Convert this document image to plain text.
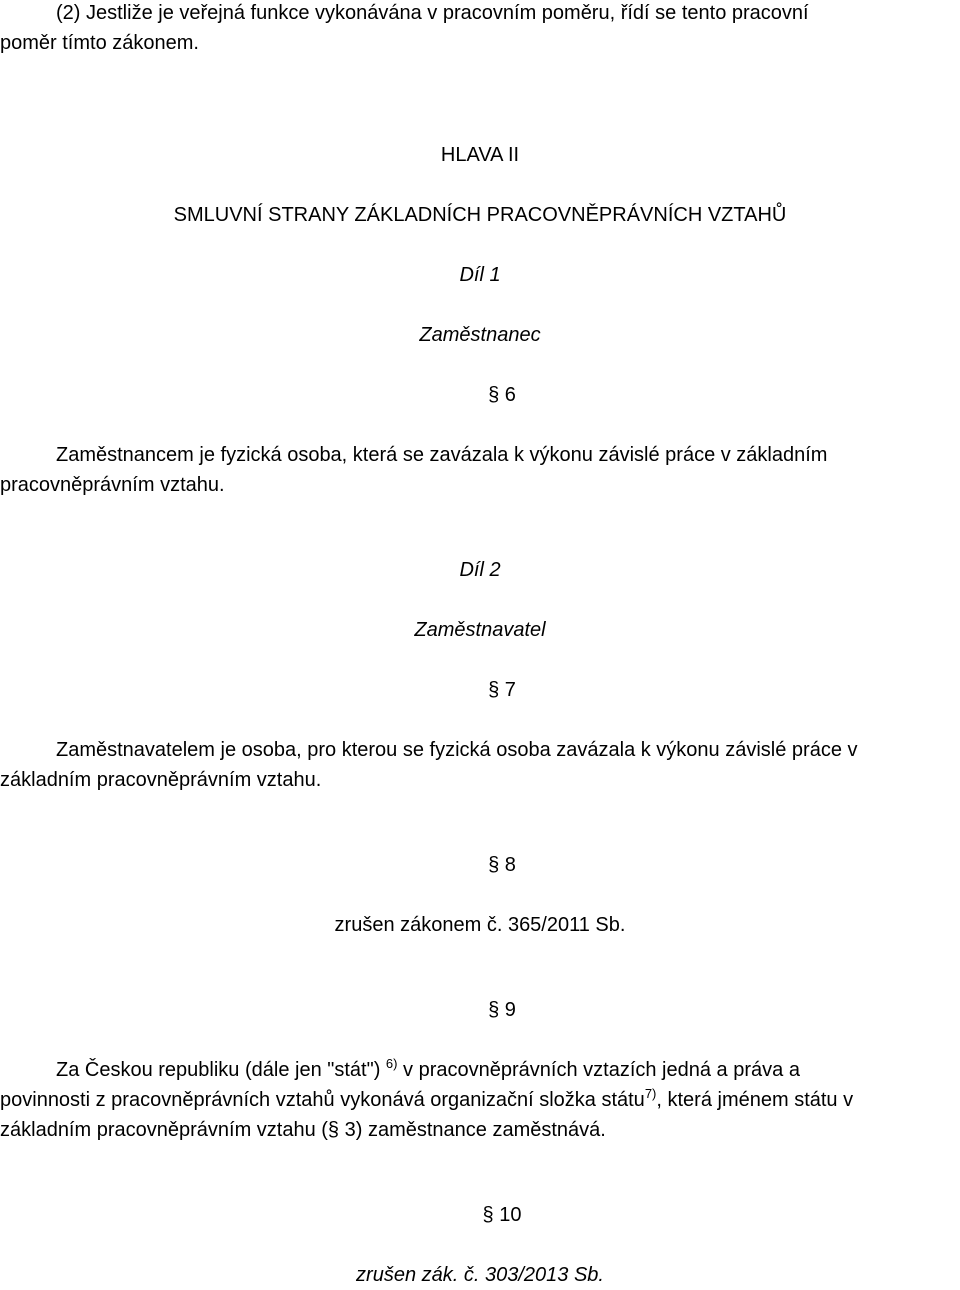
(2) Jestliže je veřejná funkce vykonávána v pracovním poměru, řídí se tento pracovní

poměr tímto zákonem.

HLAVA II

SMLUVNÍ STRANY ZÁKLADNÍCH PRACOVNĚPRÁVNÍCH VZTAHŮ

Díl 1

Zaměstnanec

§ 6

Zaměstnancem je fyzická osoba, která se zavázala k výkonu závislé práce v základním

pracovněprávním vztahu.

Díl 2

Zaměstnavatel

§ 7

Zaměstnavatelem je osoba, pro kterou se fyzická osoba zavázala k výkonu závislé práce v

základním pracovněprávním vztahu.

§ 8

zrušen zákonem č. 365/2011 Sb.

§ 9

Za Českou republiku (dále jen "stát") $^{6)}$ v pracovněprávních vztazích jedná a práva a

povinnosti z pracovněprávních vztahů vykonává organizační složka státu$^{7)}$, která jménem státu v

základním pracovněprávním vztahu (§ 3) zaměstnance zaměstnává.

§ 10

zrušen zák. č. 303/2013 Sb.
